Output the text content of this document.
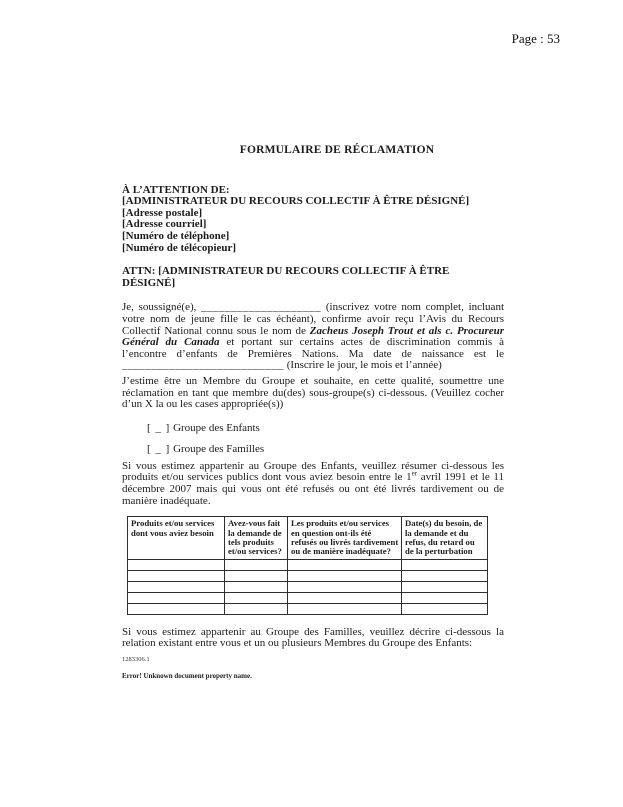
Page : 53
FORMULAIRE DE RÉCLAMATION
À L’ATTENTION DE:
[ADMINISTRATEUR DU RECOURS COLLECTIF À ÊTRE DÉSIGNÉ]
[Adresse postale]
[Adresse courriel]
[Numéro de téléphone]
[Numéro de télécopieur]
ATTN: [ADMINISTRATEUR DU RECOURS COLLECTIF À ÊTRE DÉSIGNÉ]
Je, soussigné(e), ____________________ (inscrivez votre nom complet, incluant votre nom de jeune fille le cas échéant), confirme avoir reçu l’Avis du Recours Collectif National connu sous le nom de Zacheus Joseph Trout et als c. Procureur Général du Canada et portant sur certains actes de discrimination commis à l’encontre d’enfants de Premières Nations. Ma date de naissance est le ___________________________ (Inscrire le jour, le mois et l’année)
J’estime être un Membre du Groupe et souhaite, en cette qualité, soumettre une réclamation en tant que membre du(des) sous-groupe(s) ci-dessous. (Veuillez cocher d’un X la ou les cases appropriée(s))
[ _ ] Groupe des Enfants
[ _ ] Groupe des Familles
Si vous estimez appartenir au Groupe des Enfants, veuillez résumer ci-dessous les produits et/ou services publics dont vous aviez besoin entre le 1er avril 1991 et le 11 décembre 2007 mais qui vous ont été refusés ou ont été livrés tardivement ou de manière inadéquate.
Produits et/ou services dont vous aviez besoin	Avez-vous fait la demande de tels produits et/ou services?	Les produits et/ou services en question ont-ils été refusés ou livrés tardivement ou de manière inadéquate?	Date(s) du besoin, de la demande et du refus, du retard ou de la perturbation

Si vous estimez appartenir au Groupe des Familles, veuillez décrire ci-dessous la relation existant entre vous et un ou plusieurs Membres du Groupe des Enfants:
1283306.1
Error! Unknown document property name.
